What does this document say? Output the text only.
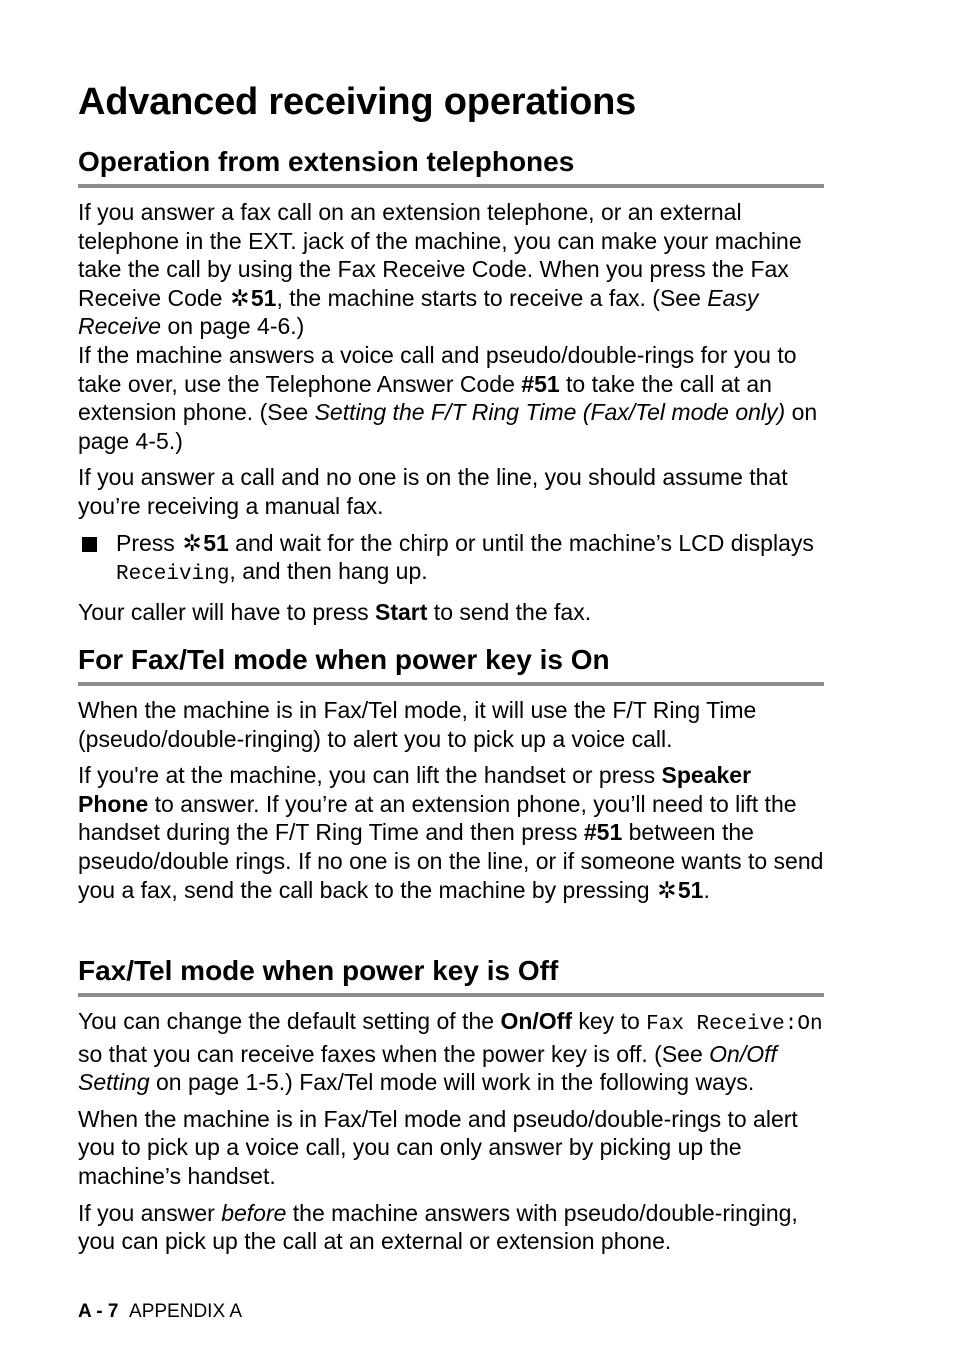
Advanced receiving operations
Operation from extension telephones

If you answer a fax call on an extension telephone, or an external telephone in the EXT. jack of the machine, you can make your machine take the call by using the Fax Receive Code. When you press the Fax Receive Code ✲51, the machine starts to receive a fax. (See Easy Receive on page 4-6.)

If the machine answers a voice call and pseudo/double-rings for you to take over, use the Telephone Answer Code #51 to take the call at an extension phone. (See Setting the F/T Ring Time (Fax/Tel mode only) on page 4-5.)

If you answer a call and no one is on the line, you should assume that you’re receiving a manual fax.

Press ✲51 and wait for the chirp or until the machine’s LCD displays Receiving, and then hang up.

Your caller will have to press Start to send the fax.

For Fax/Tel mode when power key is On

When the machine is in Fax/Tel mode, it will use the F/T Ring Time (pseudo/double-ringing) to alert you to pick up a voice call.

If you're at the machine, you can lift the handset or press Speaker Phone to answer. If you’re at an extension phone, you’ll need to lift the handset during the F/T Ring Time and then press #51 between the pseudo/double rings. If no one is on the line, or if someone wants to send you a fax, send the call back to the machine by pressing ✲51.

Fax/Tel mode when power key is Off

You can change the default setting of the On/Off key to Fax Receive:On so that you can receive faxes when the power key is off. (See On/Off Setting on page 1-5.) Fax/Tel mode will work in the following ways.

When the machine is in Fax/Tel mode and pseudo/double-rings to alert you to pick up a voice call, you can only answer by picking up the machine’s handset.

If you answer before the machine answers with pseudo/double-ringing, you can pick up the call at an external or extension phone.

A - 7 APPENDIX A
